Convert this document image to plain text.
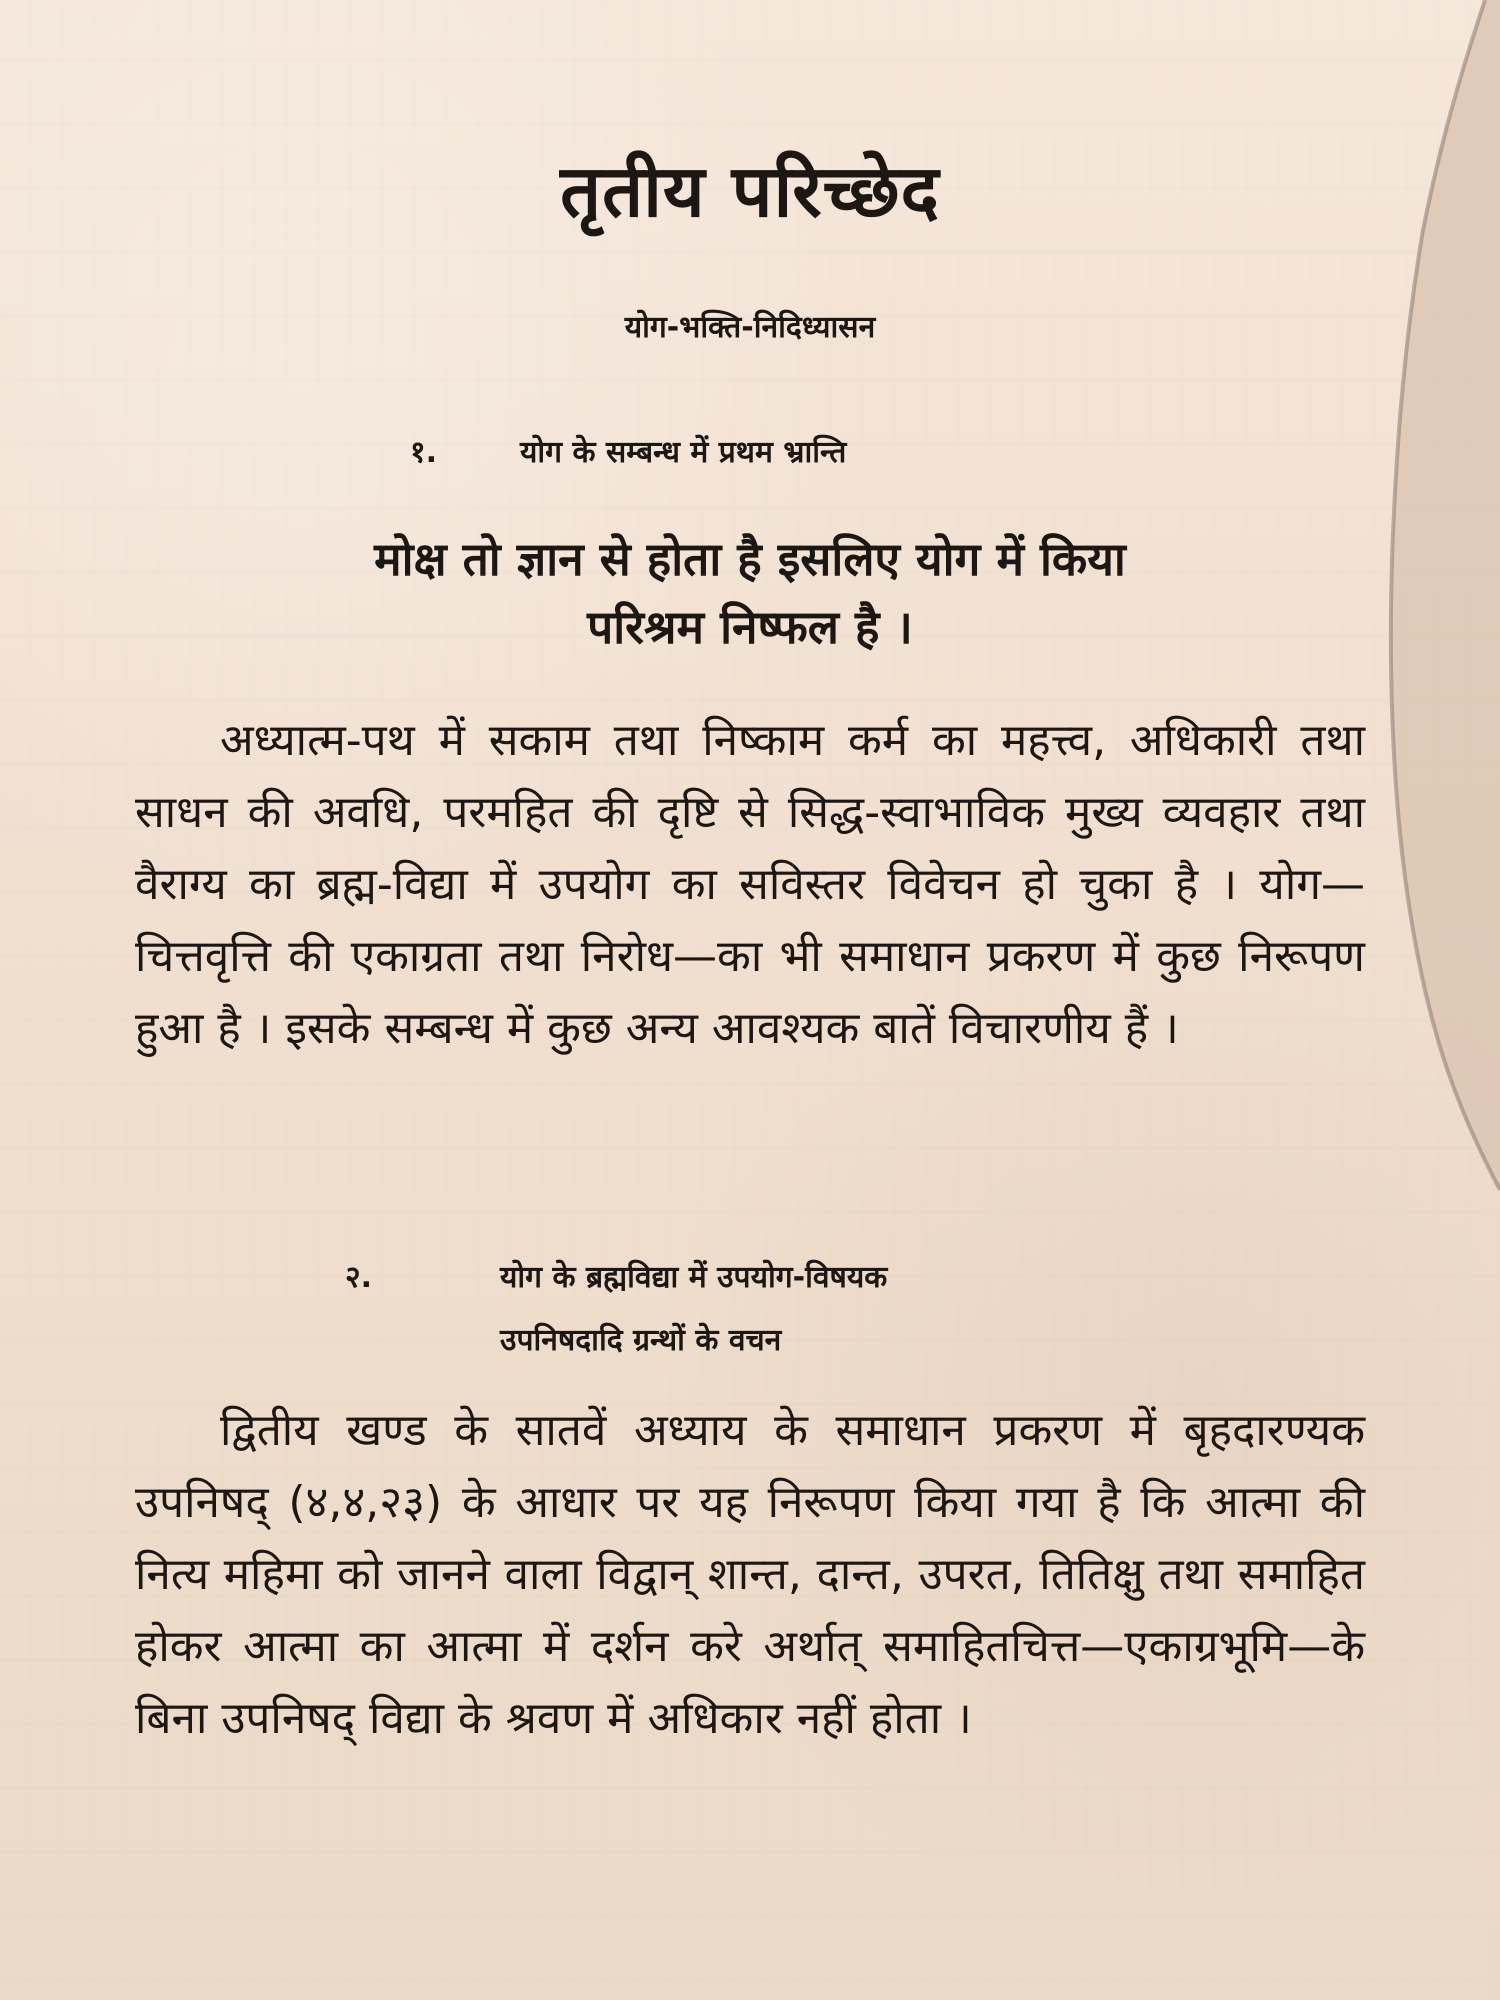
तृतीय परिच्छेद
योग-भक्ति-निदिध्यासन
१.	योग के सम्बन्ध में प्रथम भ्रान्ति
मोक्ष तो ज्ञान से होता है इसलिए योग में किया
परिश्रम निष्फल है ।
अध्यात्म-पथ में सकाम तथा निष्काम कर्म का महत्त्व, अधिकारी तथा साधन की अवधि, परमहित की दृष्टि से सिद्ध-स्वाभाविक मुख्य व्यवहार तथा वैराग्य का ब्रह्म-विद्या में उपयोग का सविस्तर विवेचन हो चुका है । योग—चित्तवृत्ति की एकाग्रता तथा निरोध—का भी समाधान प्रकरण में कुछ निरूपण हुआ है । इसके सम्बन्ध में कुछ अन्य आवश्यक बातें विचारणीय हैं ।
२.	योग के ब्रह्मविद्या में उपयोग-विषयक
उपनिषदादि ग्रन्थों के वचन
द्वितीय खण्ड के सातवें अध्याय के समाधान प्रकरण में बृहदारण्यक उपनिषद् (४,४,२३) के आधार पर यह निरूपण किया गया है कि आत्मा की नित्य महिमा को जानने वाला विद्वान् शान्त, दान्त, उपरत, तितिक्षु तथा समाहित होकर आत्मा का आत्मा में दर्शन करे अर्थात् समाहितचित्त—एकाग्रभूमि—के बिना उपनिषद् विद्या के श्रवण में अधिकार नहीं होता ।
